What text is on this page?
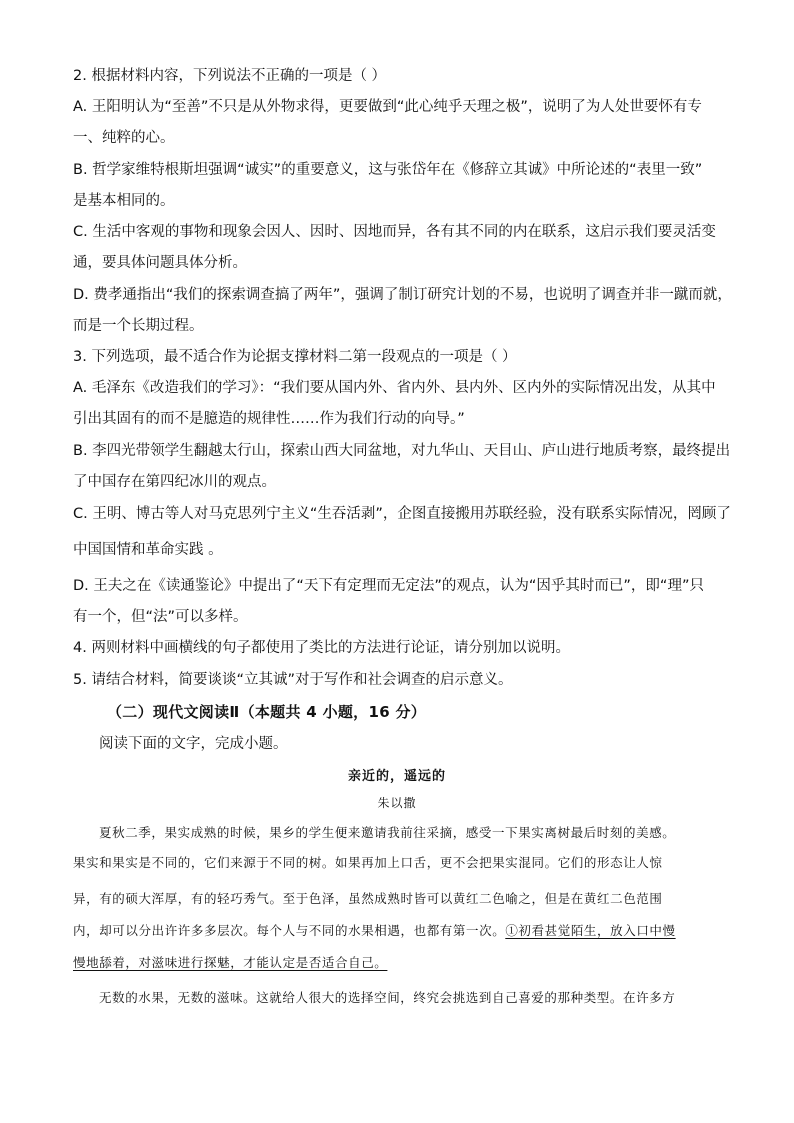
2. 根据材料内容，下列说法不正确的一项是（ ）
A. 王阳明认为“至善”不只是从外物求得，更要做到“此心纯乎天理之极”，说明了为人处世要怀有专
一、纯粹的心。
B. 哲学家维特根斯坦强调“诚实”的重要意义，这与张岱年在《修辞立其诚》中所论述的“表里一致”
是基本相同的。
C. 生活中客观的事物和现象会因人、因时、因地而异，各有其不同的内在联系，这启示我们要灵活变
通，要具体问题具体分析。
D. 费孝通指出“我们的探索调查搞了两年”，强调了制订研究计划的不易，也说明了调查并非一蹴而就，
而是一个长期过程。
3. 下列选项，最不适合作为论据支撑材料二第一段观点的一项是（ ）
A. 毛泽东《改造我们的学习》：“我们要从国内外、省内外、县内外、区内外的实际情况出发，从其中
引出其固有的而不是臆造的规律性……作为我们行动的向导。”
B. 李四光带领学生翻越太行山，探索山西大同盆地，对九华山、天目山、庐山进行地质考察，最终提出
了中国存在第四纪冰川的观点。
C. 王明、博古等人对马克思列宁主义“生吞活剥”，企图直接搬用苏联经验，没有联系实际情况，罔顾了
中国国情和革命实践 。
D. 王夫之在《读通鉴论》中提出了“天下有定理而无定法”的观点，认为“因乎其时而已”，即“理”只
有一个，但“法”可以多样。
4. 两则材料中画横线的句子都使用了类比的方法进行论证，请分别加以说明。
5. 请结合材料，简要谈谈“立其诚”对于写作和社会调查的启示意义。
（二）现代文阅读Ⅱ（本题共 4 小题，16 分）
阅读下面的文字，完成小题。
亲近的，遥远的
朱以撒
夏秋二季，果实成熟的时候，果乡的学生便来邀请我前往采摘，感受一下果实离树最后时刻的美感。
果实和果实是不同的，它们来源于不同的树。如果再加上口舌，更不会把果实混同。它们的形态让人惊
异，有的硕大浑厚，有的轻巧秀气。至于色泽，虽然成熟时皆可以黄红二色喻之，但是在黄红二色范围
内，却可以分出许许多多层次。每个人与不同的水果相遇，也都有第一次。①初看甚觉陌生，放入口中慢
慢地舔着，对滋味进行探魅，才能认定是否适合自己。
无数的水果，无数的滋味。这就给人很大的选择空间，终究会挑选到自己喜爱的那种类型。在许多方
